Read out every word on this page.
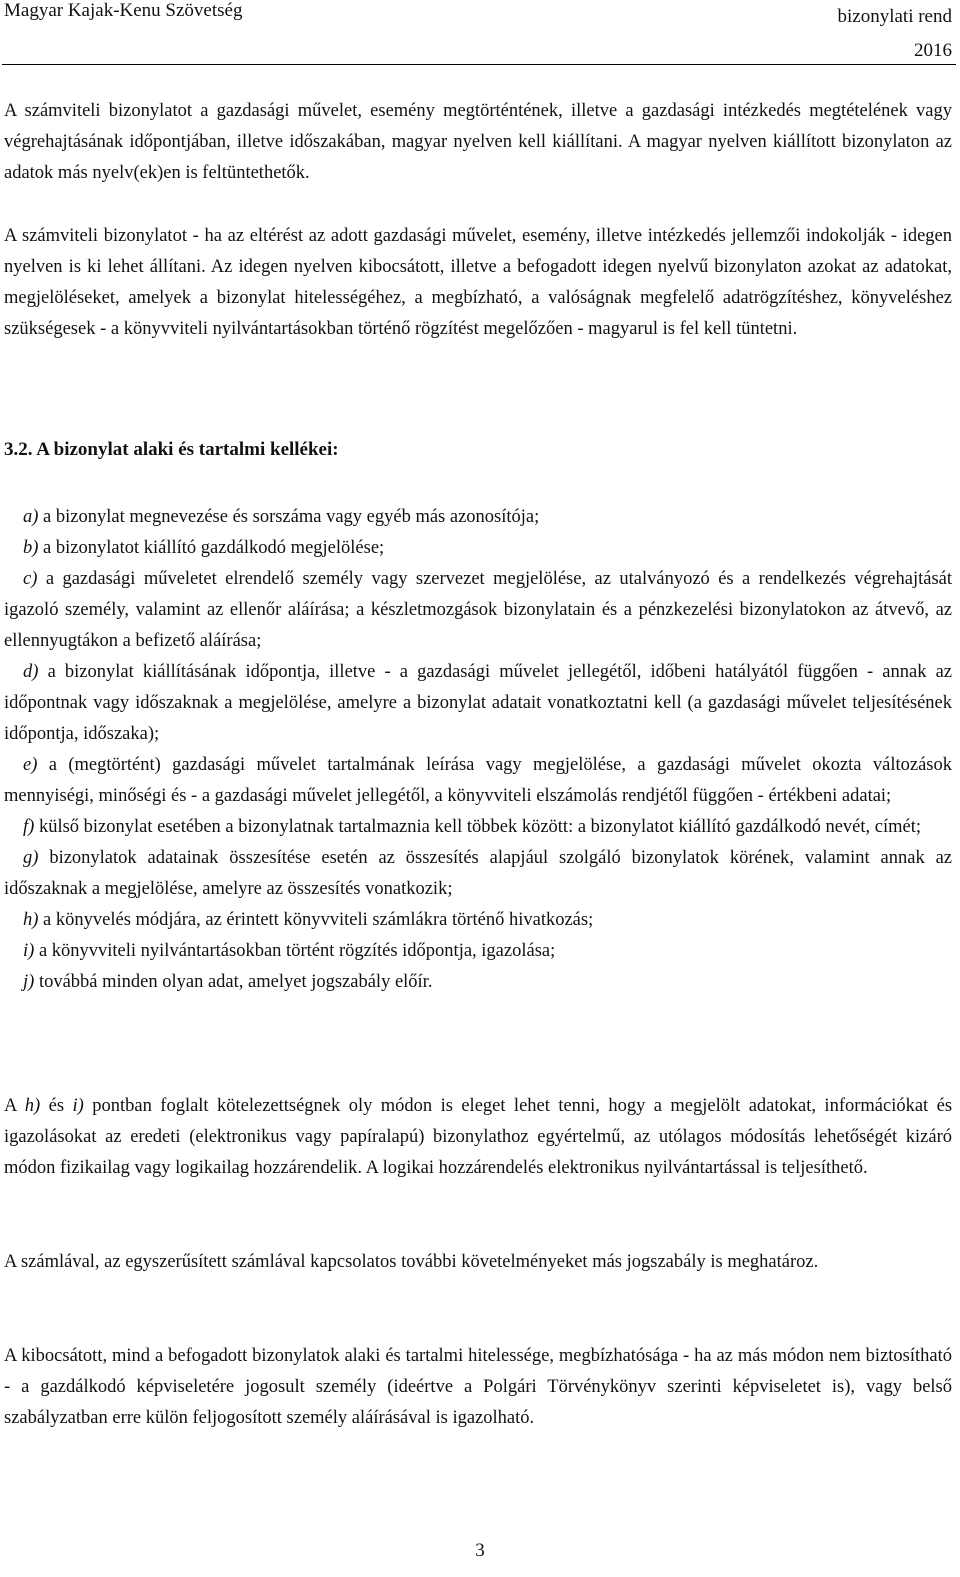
Magyar Kajak-Kenu Szövetség	bizonylati rend
2016

A számviteli bizonylatot a gazdasági művelet, esemény megtörténtének, illetve a gazdasági intézkedés megtételének vagy végrehajtásának időpontjában, illetve időszakában, magyar nyelven kell kiállítani. A magyar nyelven kiállított bizonylaton az adatok más nyelv(ek)en is feltüntethetők.

A számviteli bizonylatot - ha az eltérést az adott gazdasági művelet, esemény, illetve intézkedés jellemzői indokolják - idegen nyelven is ki lehet állítani. Az idegen nyelven kibocsátott, illetve a befogadott idegen nyelvű bizonylaton azokat az adatokat, megjelöléseket, amelyek a bizonylat hitelességéhez, a megbízható, a valóságnak megfelelő adatrögzítéshez, könyveléshez szükségesek - a könyvviteli nyilvántartásokban történő rögzítést megelőzően - magyarul is fel kell tüntetni.

3.2. A bizonylat alaki és tartalmi kellékei:
a) a bizonylat megnevezése és sorszáma vagy egyéb más azonosítója;
b) a bizonylatot kiállító gazdálkodó megjelölése;
c) a gazdasági műveletet elrendelő személy vagy szervezet megjelölése, az utalványozó és a rendelkezés végrehajtását igazoló személy, valamint az ellenőr aláírása; a készletmozgások bizonylatain és a pénzkezelési bizonylatokon az átvevő, az ellennyugtákon a befizető aláírása;
d) a bizonylat kiállításának időpontja, illetve - a gazdasági művelet jellegétől, időbeni hatályától függően - annak az időpontnak vagy időszaknak a megjelölése, amelyre a bizonylat adatait vonatkoztatni kell (a gazdasági művelet teljesítésének időpontja, időszaka);
e) a (megtörtént) gazdasági művelet tartalmának leírása vagy megjelölése, a gazdasági művelet okozta változások mennyiségi, minőségi és - a gazdasági művelet jellegétől, a könyvviteli elszámolás rendjétől függően - értékbeni adatai;
f) külső bizonylat esetében a bizonylatnak tartalmaznia kell többek között: a bizonylatot kiállító gazdálkodó nevét, címét;
g) bizonylatok adatainak összesítése esetén az összesítés alapjául szolgáló bizonylatok körének, valamint annak az időszaknak a megjelölése, amelyre az összesítés vonatkozik;
h) a könyvelés módjára, az érintett könyvviteli számlákra történő hivatkozás;
i) a könyvviteli nyilvántartásokban történt rögzítés időpontja, igazolása;
j) továbbá minden olyan adat, amelyet jogszabály előír.

A h) és i) pontban foglalt kötelezettségnek oly módon is eleget lehet tenni, hogy a megjelölt adatokat, információkat és igazolásokat az eredeti (elektronikus vagy papíralapú) bizonylathoz egyértelmű, az utólagos módosítás lehetőségét kizáró módon fizikailag vagy logikailag hozzárendelik. A logikai hozzárendelés elektronikus nyilvántartással is teljesíthető.

A számlával, az egyszerűsített számlával kapcsolatos további követelményeket más jogszabály is meghatároz.

A kibocsátott, mind a befogadott bizonylatok alaki és tartalmi hitelessége, megbízhatósága - ha az más módon nem biztosítható - a gazdálkodó képviseletére jogosult személy (ideértve a Polgári Törvénykönyv szerinti képviseletet is), vagy belső szabályzatban erre külön feljogosított személy aláírásával is igazolható.

3
